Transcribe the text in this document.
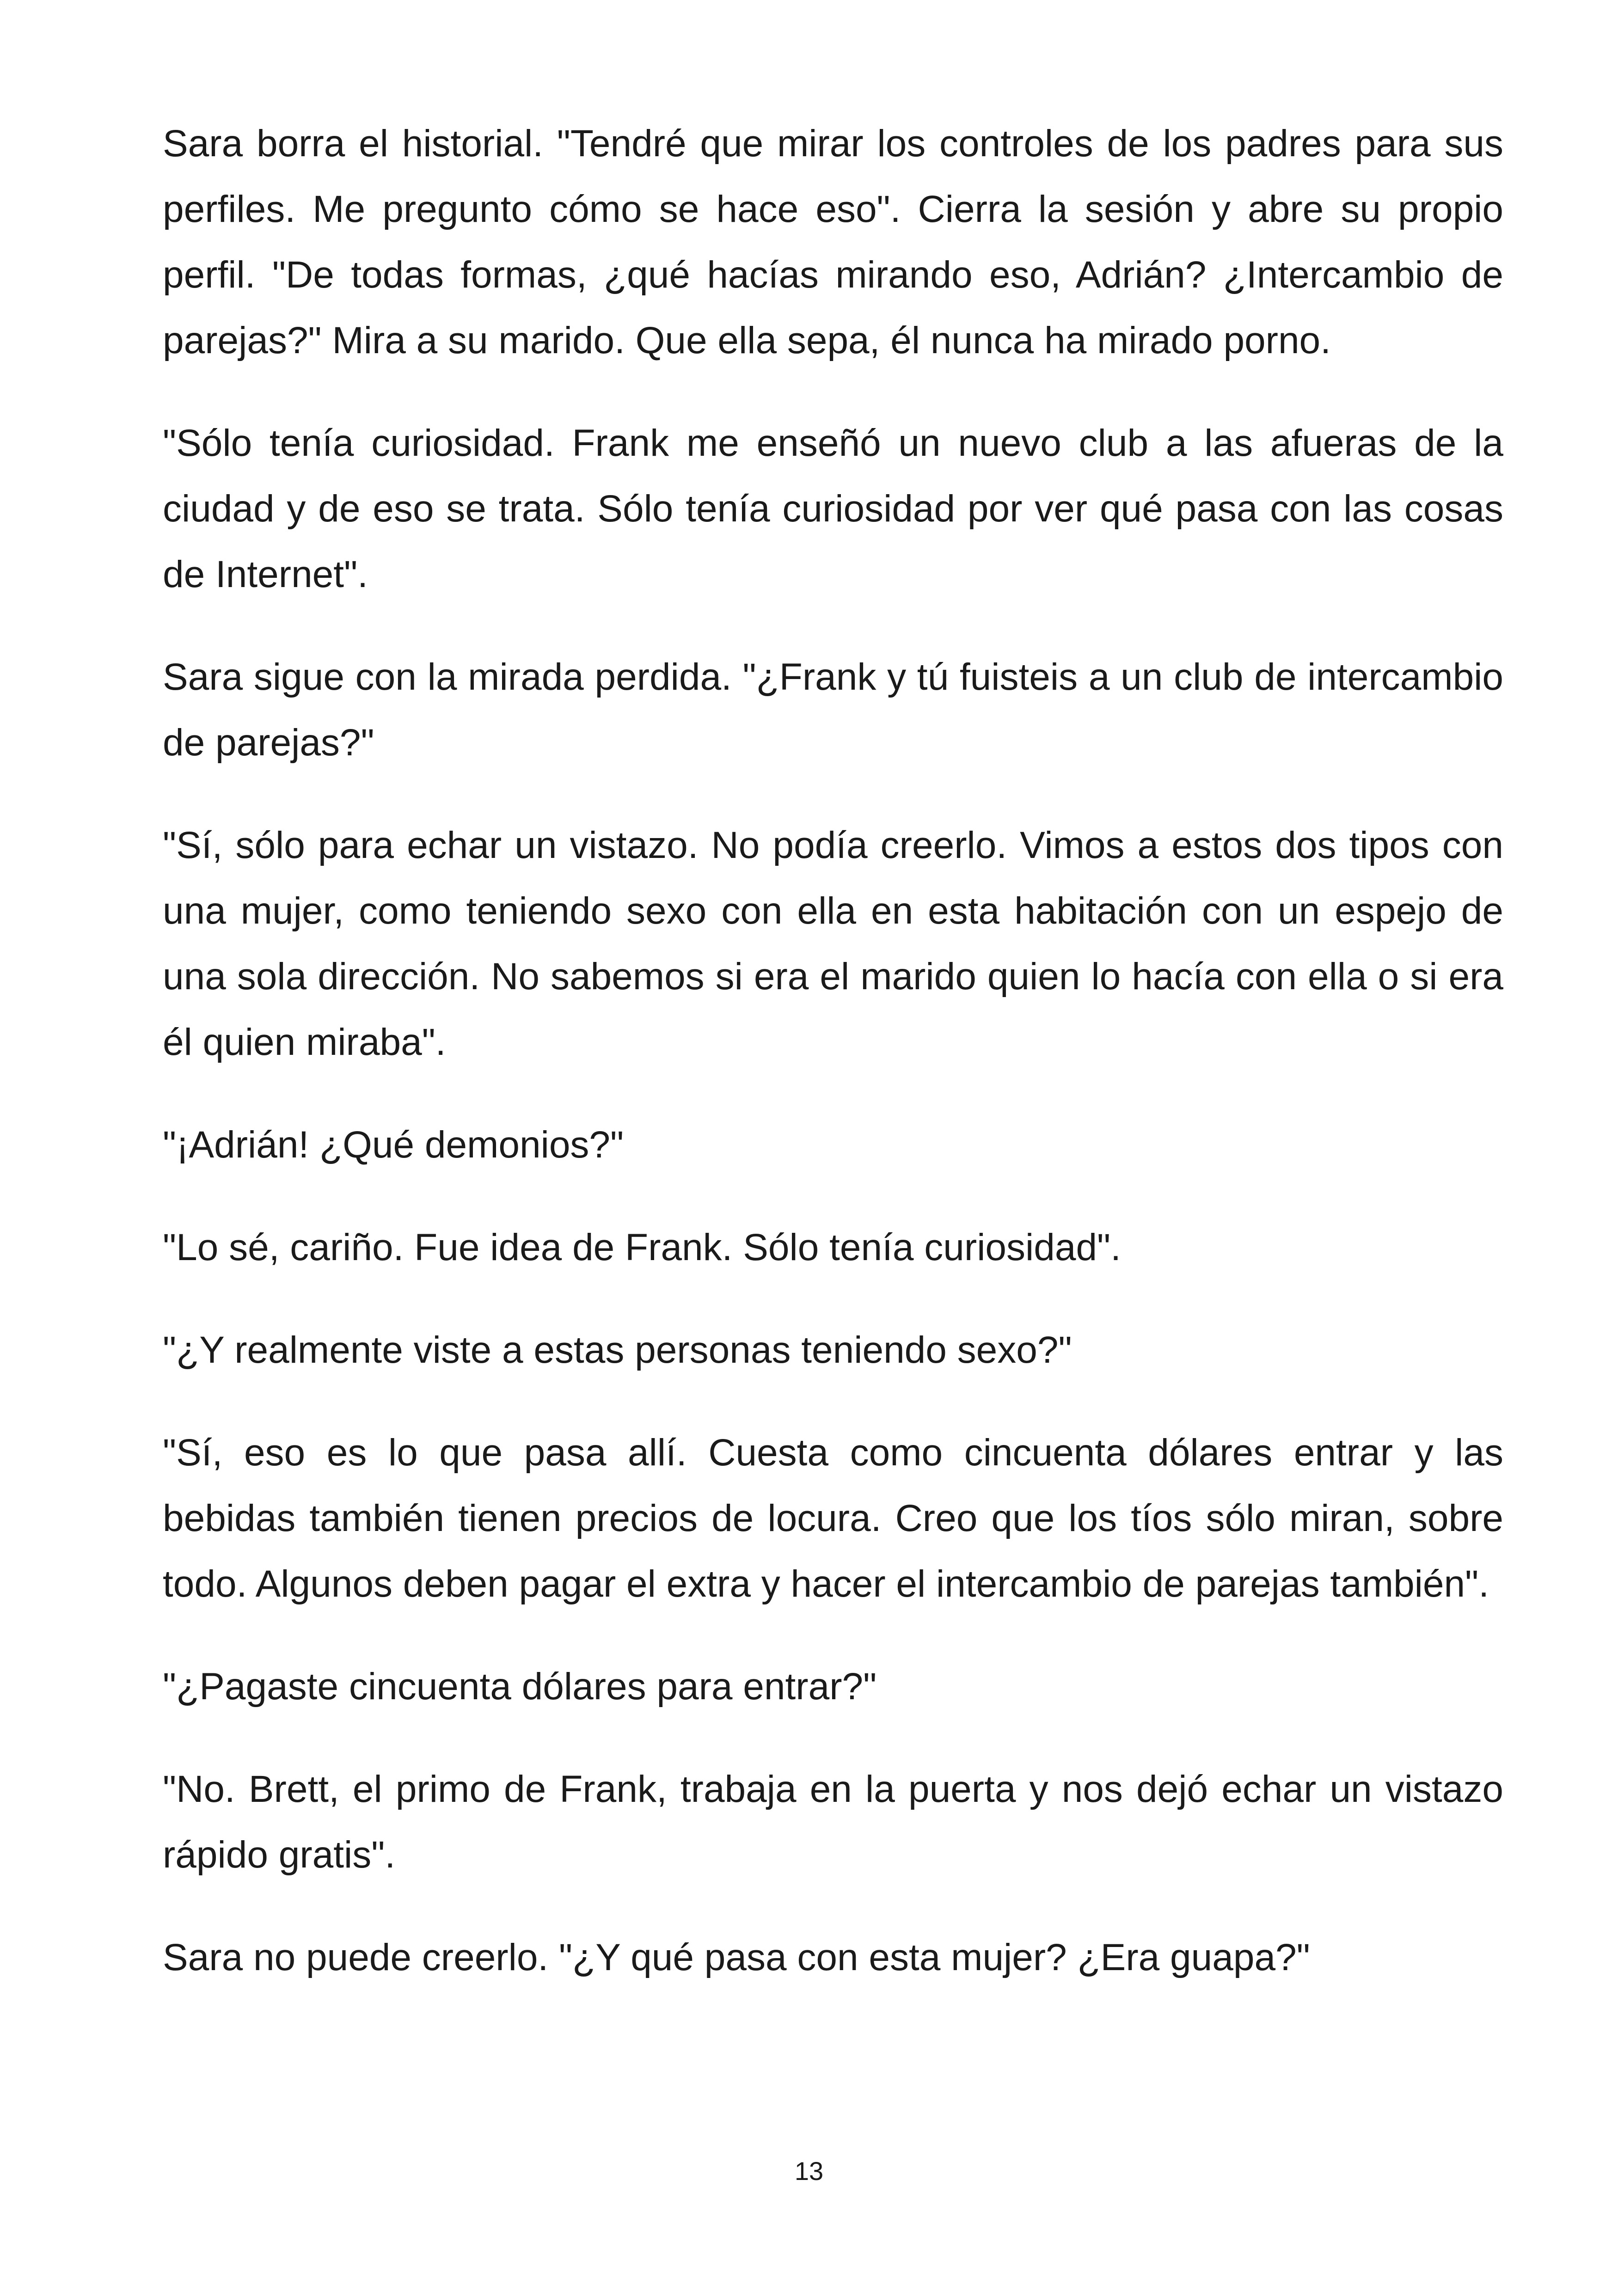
Sara borra el historial. "Tendré que mirar los controles de los padres para sus perfiles. Me pregunto cómo se hace eso". Cierra la sesión y abre su propio perfil. "De todas formas, ¿qué hacías mirando eso, Adrián? ¿Intercambio de parejas?" Mira a su marido. Que ella sepa, él nunca ha mirado porno.

"Sólo tenía curiosidad. Frank me enseñó un nuevo club a las afueras de la ciudad y de eso se trata. Sólo tenía curiosidad por ver qué pasa con las cosas de Internet".

Sara sigue con la mirada perdida. "¿Frank y tú fuisteis a un club de intercambio de parejas?"

"Sí, sólo para echar un vistazo. No podía creerlo. Vimos a estos dos tipos con una mujer, como teniendo sexo con ella en esta habitación con un espejo de una sola dirección. No sabemos si era el marido quien lo hacía con ella o si era él quien miraba".

"¡Adrián! ¿Qué demonios?"

"Lo sé, cariño. Fue idea de Frank. Sólo tenía curiosidad".

"¿Y realmente viste a estas personas teniendo sexo?"

"Sí, eso es lo que pasa allí. Cuesta como cincuenta dólares entrar y las bebidas también tienen precios de locura. Creo que los tíos sólo miran, sobre todo. Algunos deben pagar el extra y hacer el intercambio de parejas también".

"¿Pagaste cincuenta dólares para entrar?"

"No. Brett, el primo de Frank, trabaja en la puerta y nos dejó echar un vistazo rápido gratis".

Sara no puede creerlo. "¿Y qué pasa con esta mujer? ¿Era guapa?"

13
